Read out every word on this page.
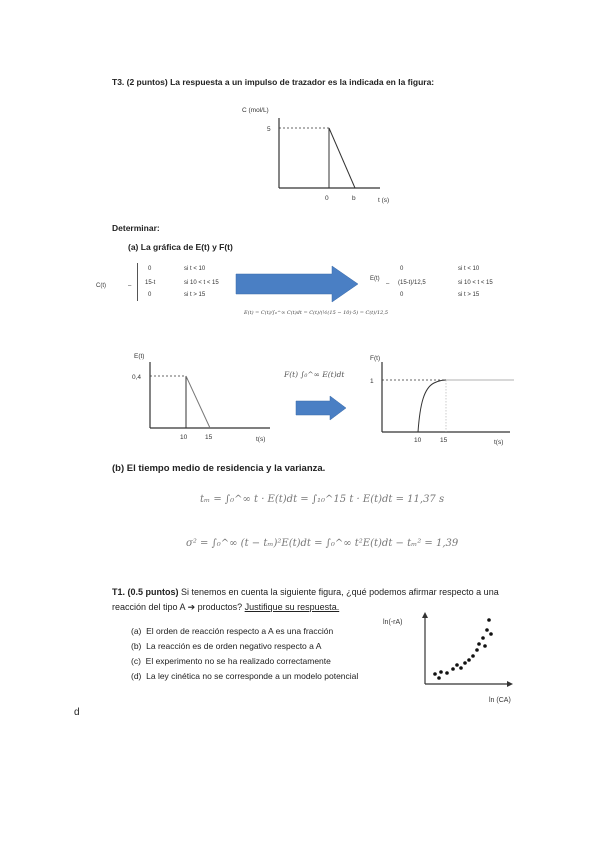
T3. (2 puntos) La respuesta a un impulso de trazador es la indicada en la figura:
C (mol/L)
5
0	b	t (s)
Determinar:
(a) La gráfica de E(t) y F(t)
C(t)	–
0	si t < 10
15-t	si 10 < t < 15
0	si t > 15
E(t)
–
0	si t < 10
(15-t)/12,5	si 10 < t < 15
0	si t > 15
E(t) = C(t)/∫₀^∞ C(t)dt = C(t)/(½(15 − 10)·5) = C(t)/12,5
E(t)
0,4
10	15	t(s)
F(t) ∫₀^∞ E(t)dt
F(t)
1
10	15	t(s)
(b) El tiempo medio de residencia y la varianza.
tₘ = ∫₀^∞ t · E(t)dt = ∫₁₀^15 t · E(t)dt = 11,37 s
σ² = ∫₀^∞ (t − tₘ)²E(t)dt = ∫₀^∞ t²E(t)dt − tₘ² = 1,39
T1. (0.5 puntos) Si tenemos en cuenta la siguiente figura, ¿qué podemos afirmar respecto a una
reacción del tipo A ➔ productos? Justifique su respuesta.
(a) El orden de reacción respecto a A es una fracción
(b) La reacción es de orden negativo respecto a A
(c) El experimento no se ha realizado correctamente
(d) La ley cinética no se corresponde a un modelo potencial
ln(-rA)
ln (CA)
d
